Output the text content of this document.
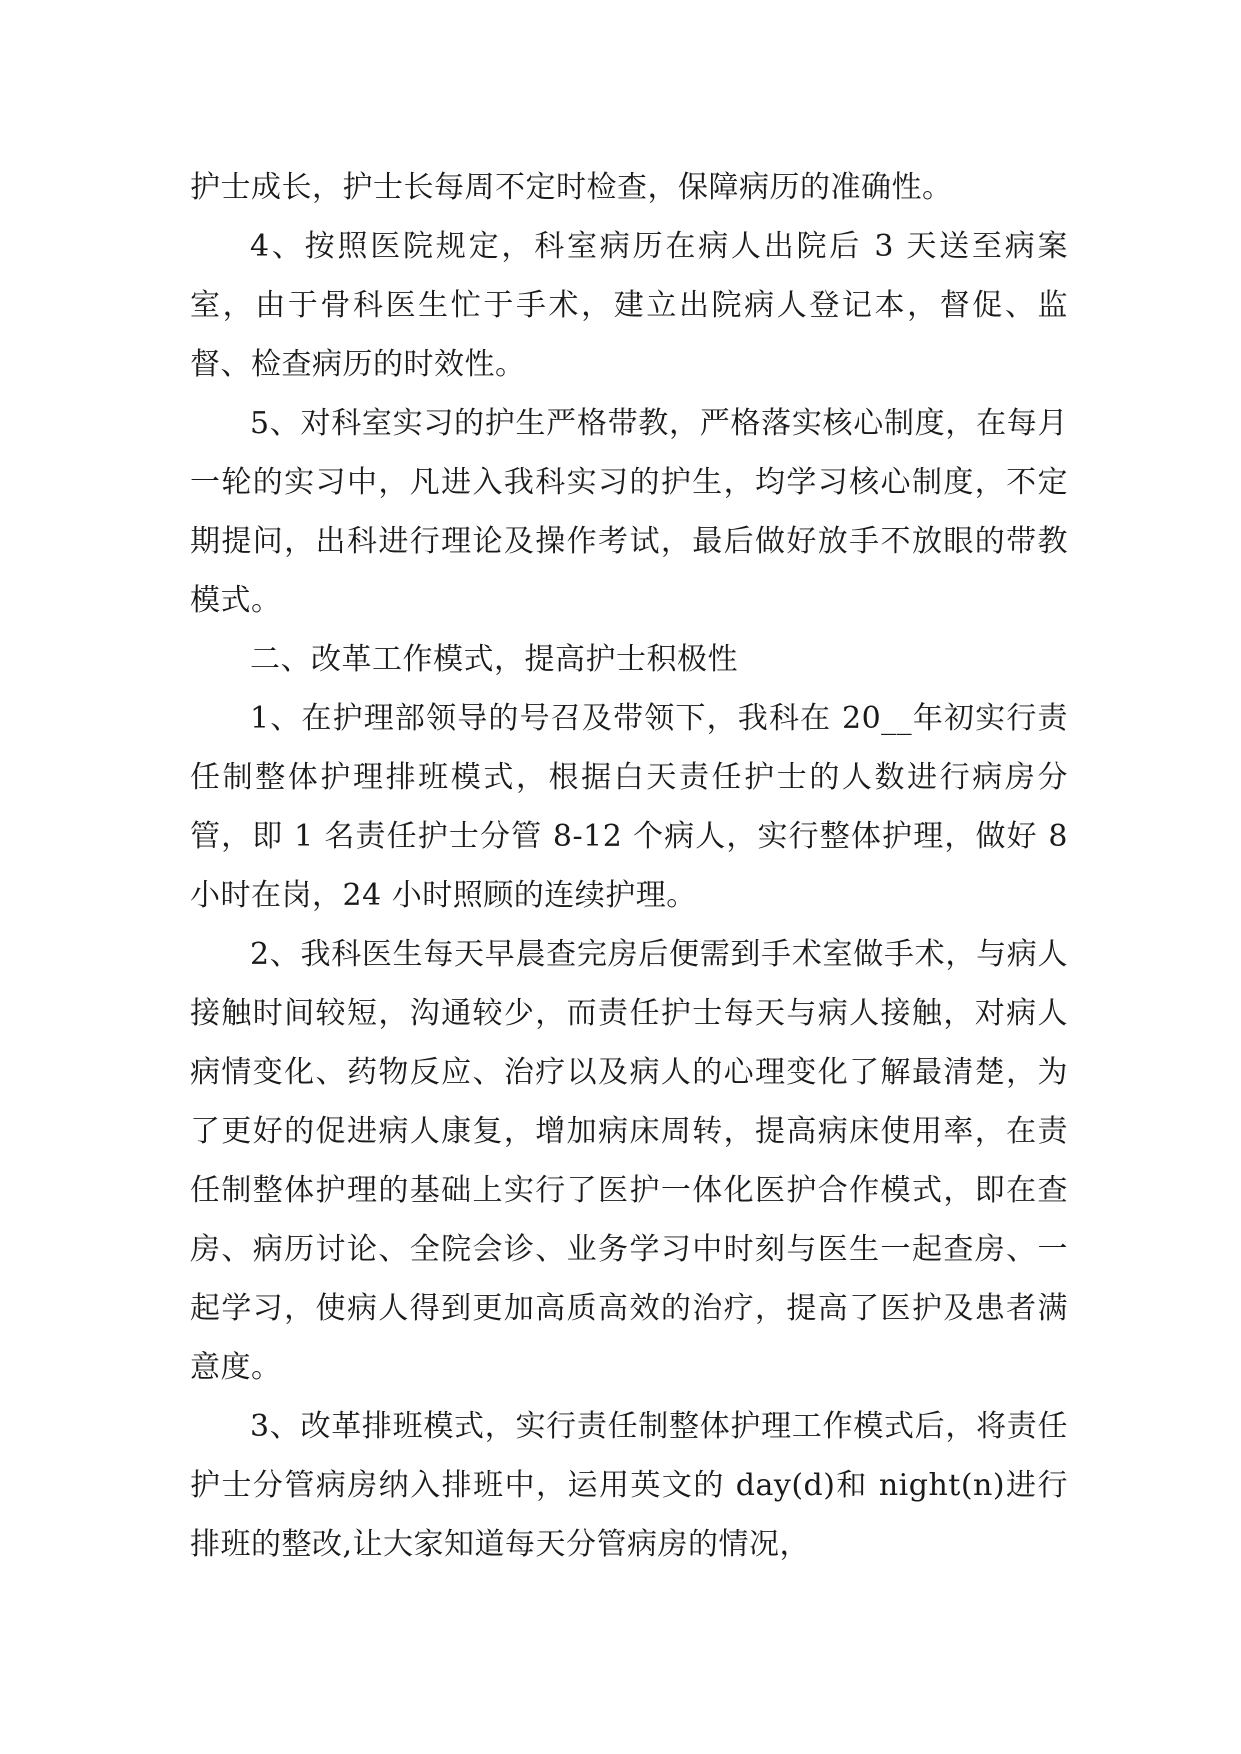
护士成长，护士长每周不定时检查，保障病历的准确性。

4、按照医院规定，科室病历在病人出院后 3 天送至病案室，由于骨科医生忙于手术，建立出院病人登记本，督促、监督、检查病历的时效性。

5、对科室实习的护生严格带教，严格落实核心制度，在每月一轮的实习中，凡进入我科实习的护生，均学习核心制度，不定期提问，出科进行理论及操作考试，最后做好放手不放眼的带教模式。

二、改革工作模式，提高护士积极性

1、在护理部领导的号召及带领下，我科在 20__年初实行责任制整体护理排班模式，根据白天责任护士的人数进行病房分管，即 1 名责任护士分管 8-12 个病人，实行整体护理，做好 8 小时在岗，24 小时照顾的连续护理。

2、我科医生每天早晨查完房后便需到手术室做手术，与病人接触时间较短，沟通较少，而责任护士每天与病人接触，对病人病情变化、药物反应、治疗以及病人的心理变化了解最清楚，为了更好的促进病人康复，增加病床周转，提高病床使用率，在责任制整体护理的基础上实行了医护一体化医护合作模式，即在查房、病历讨论、全院会诊、业务学习中时刻与医生一起查房、一起学习，使病人得到更加高质高效的治疗，提高了医护及患者满意度。

3、改革排班模式，实行责任制整体护理工作模式后，将责任护士分管病房纳入排班中，运用英文的 day(d)和 night(n)进行排班的整改,让大家知道每天分管病房的情况，
